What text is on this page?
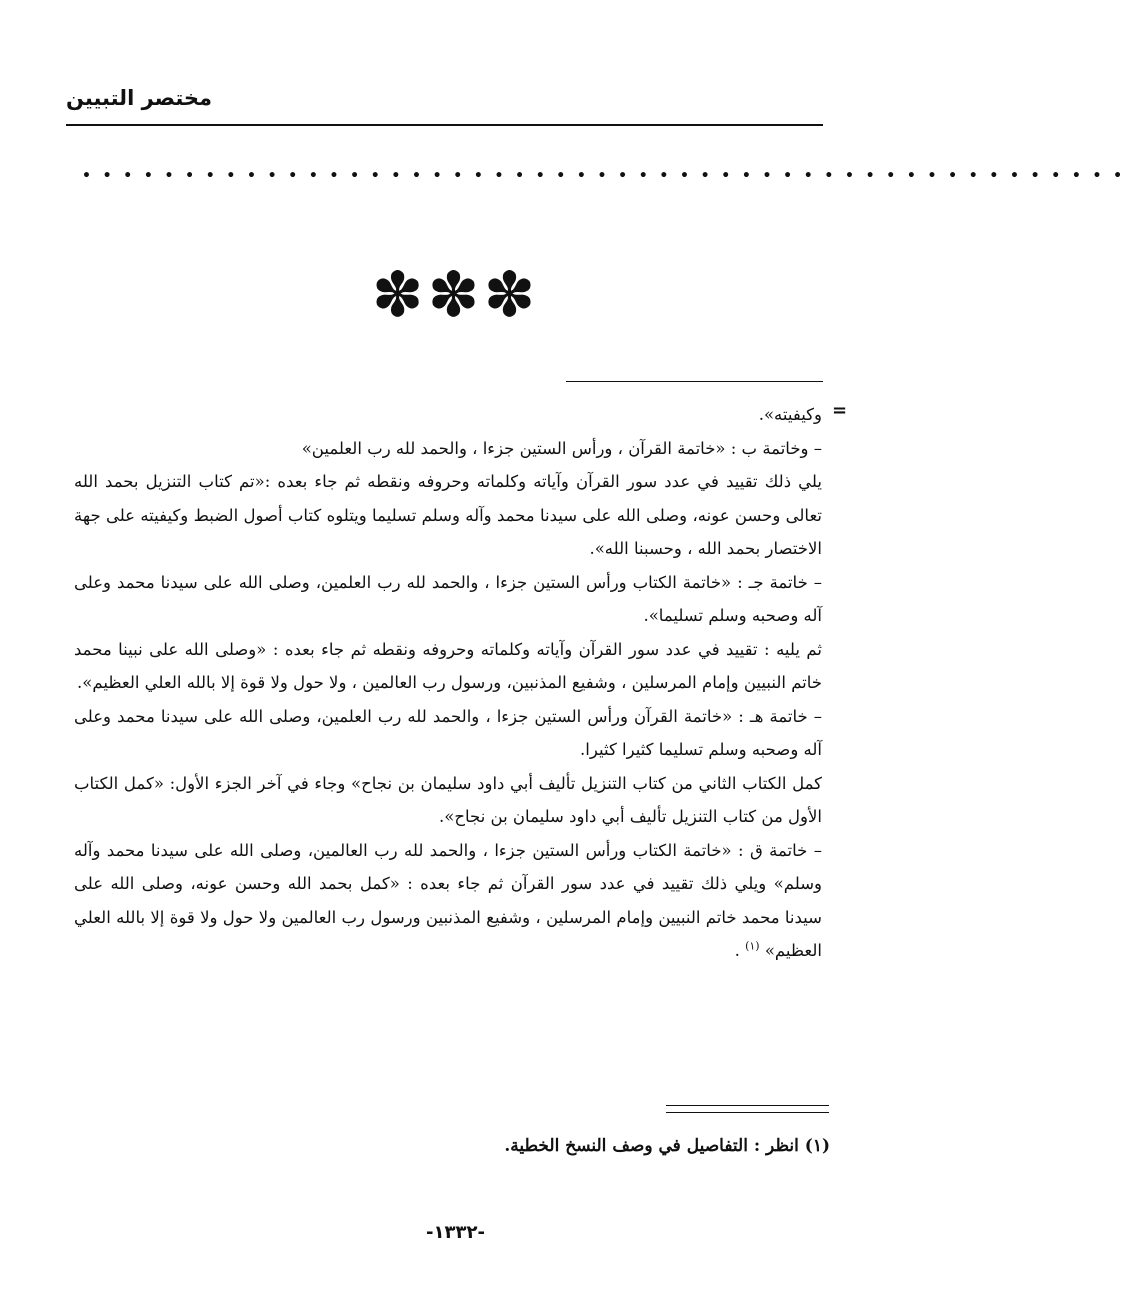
مختصر التبيين
• • • • • • • • • • • • • • • • • • • • • • • • • • • • • • • • • • • • • • • • • • • • • • • • • • •
✽✽✽
=

وكيفيته».

– وخاتمة ب : «خاتمة القرآن ، ورأس الستين جزءا ، والحمد لله رب العلمين»

يلي ذلك تقييد في عدد سور القرآن وآياته وكلماته وحروفه ونقطه ثم جاء بعده :«تم كتاب التنزيل بحمد الله تعالى وحسن عونه، وصلى الله على سيدنا محمد وآله وسلم تسليما ويتلوه كتاب أصول الضبط وكيفيته على جهة الاختصار بحمد الله ، وحسبنا الله».

– خاتمة جـ : «خاتمة الكتاب ورأس الستين جزءا ، والحمد لله رب العلمين، وصلى الله على سيدنا محمد وعلى آله وصحبه وسلم تسليما».

ثم يليه : تقييد في عدد سور القرآن وآياته وكلماته وحروفه ونقطه ثم جاء بعده : «وصلى الله على نبينا محمد خاتم النبيين وإمام المرسلين ، وشفيع المذنبين، ورسول رب العالمين ، ولا حول ولا قوة إلا بالله العلي العظيم».

– خاتمة هـ : «خاتمة القرآن ورأس الستين جزءا ، والحمد لله رب العلمين، وصلى الله على سيدنا محمد وعلى آله وصحبه وسلم تسليما كثيرا كثيرا.

كمل الكتاب الثاني من كتاب التنزيل تأليف أبي داود سليمان بن نجاح» وجاء في آخر الجزء الأول: «كمل الكتاب الأول من كتاب التنزيل تأليف أبي داود سليمان بن نجاح».

– خاتمة ق : «خاتمة الكتاب ورأس الستين جزءا ، والحمد لله رب العالمين، وصلى الله على سيدنا محمد وآله وسلم» ويلي ذلك تقييد في عدد سور القرآن ثم جاء بعده : «كمل بحمد الله وحسن عونه، وصلى الله على سيدنا محمد خاتم النبيين وإمام المرسلين ، وشفيع المذنبين ورسول رب العالمين ولا حول ولا قوة إلا بالله العلي العظيم» $^{(١)}$ .

(١) انظر : التفاصيل في وصف النسخ الخطية.
-١٣٣٢-
